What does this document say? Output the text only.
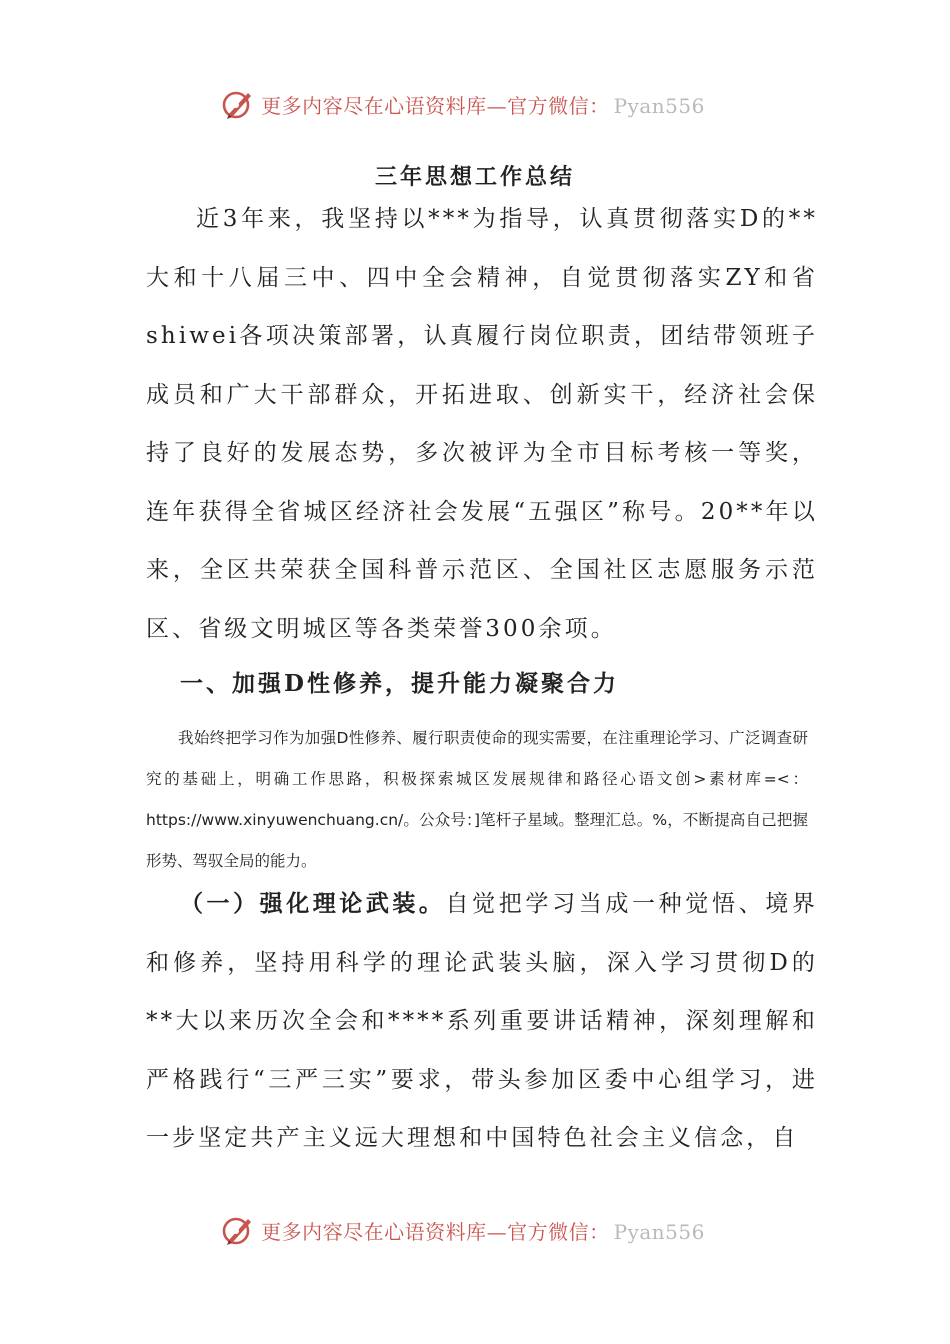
更多内容尽在心语资料库—官方微信： Pyan556
三年思想工作总结

近3年来，我坚持以***为指导，认真贯彻落实D的**大和十八届三中、四中全会精神，自觉贯彻落实ZY和省shiwei各项决策部署，认真履行岗位职责，团结带领班子成员和广大干部群众，开拓进取、创新实干，经济社会保持了良好的发展态势，多次被评为全市目标考核一等奖，连年获得全省城区经济社会发展“五强区”称号。20**年以来，全区共荣获全国科普示范区、全国社区志愿服务示范区、省级文明城区等各类荣誉300余项。

一、加强D性修养，提升能力凝聚合力

我始终把学习作为加强D性修养、履行职责使命的现实需要，在注重理论学习、广泛调查研究的基础上，明确工作思路，积极探索城区发展规律和路径心语文创>素材库=<：https://www.xinyuwenchuang.cn/。公众号：]笔杆子星域。整理汇总。%，不断提高自己把握形势、驾驭全局的能力。

（一）强化理论武装。自觉把学习当成一种觉悟、境界和修养，坚持用科学的理论武装头脑，深入学习贯彻D的**大以来历次全会和****系列重要讲话精神，深刻理解和严格践行“三严三实”要求，带头参加区委中心组学习，进一步坚定共产主义远大理想和中国特色社会主义信念，自

更多内容尽在心语资料库—官方微信： Pyan556
